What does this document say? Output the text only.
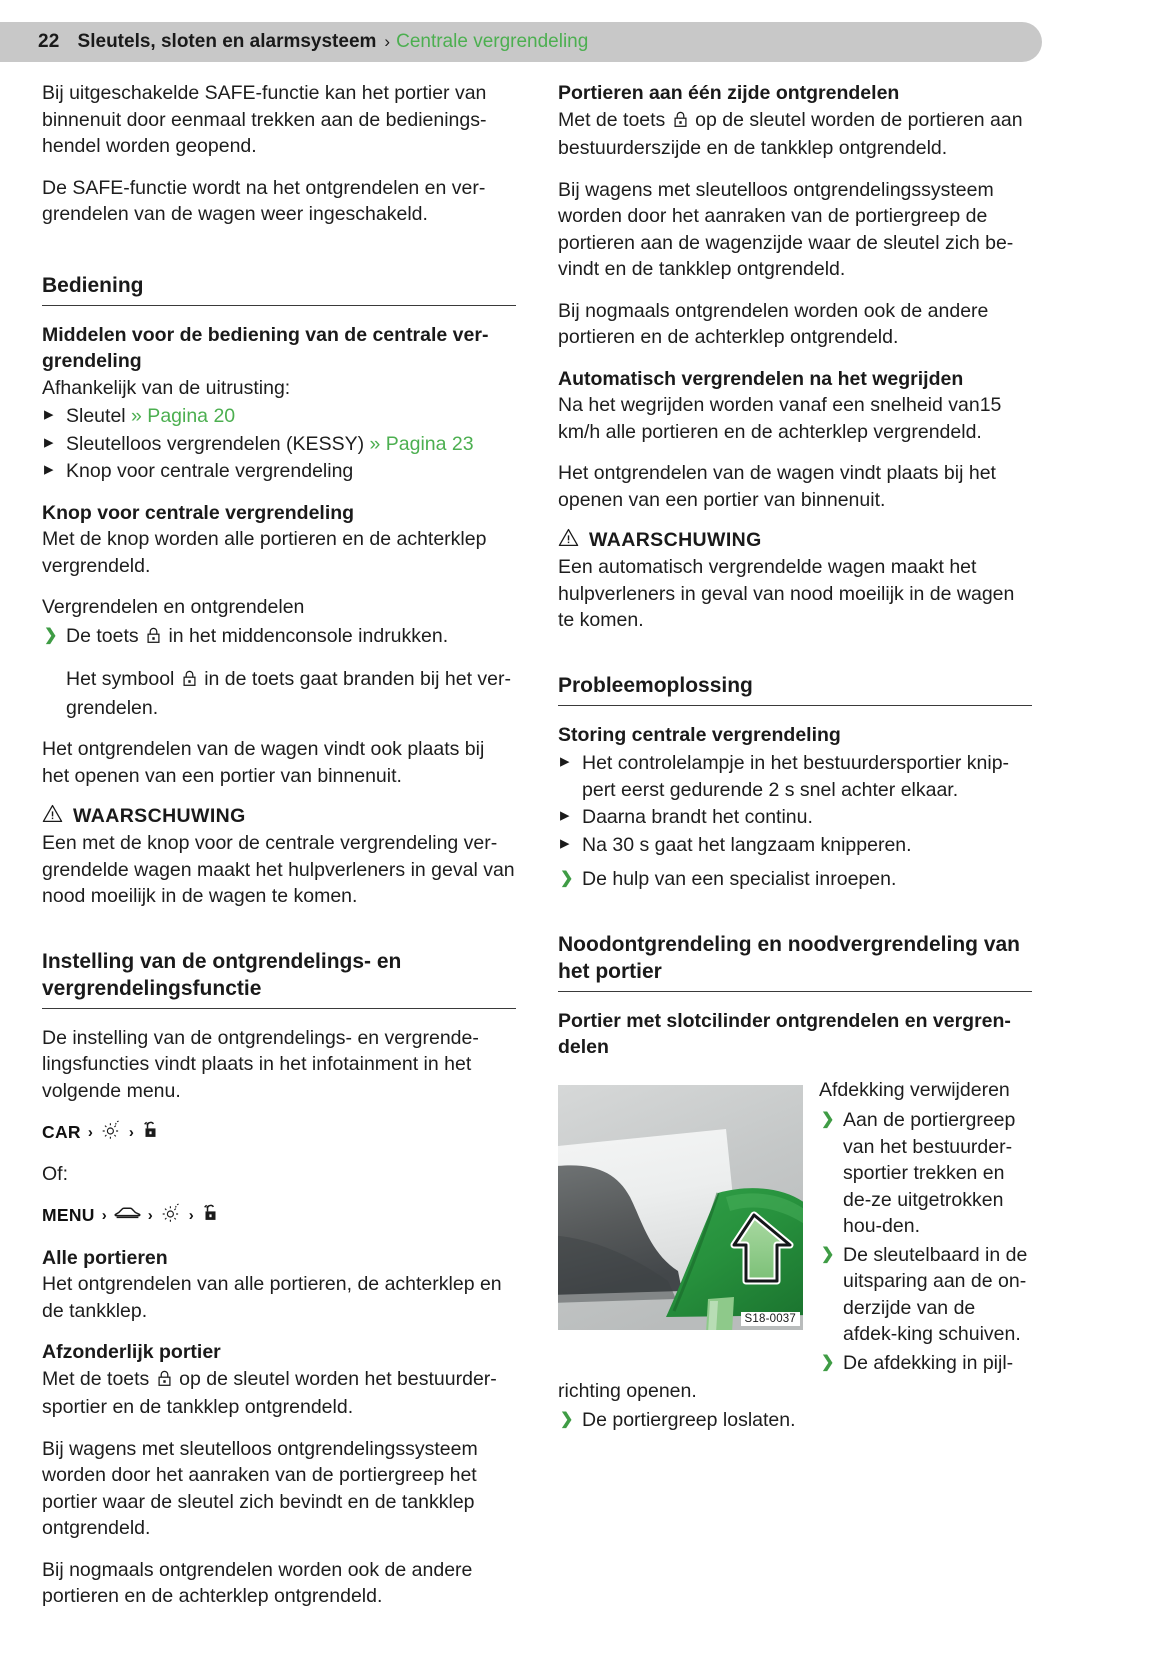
22 Sleutels, sloten en alarmsysteem › Centrale vergrendeling

Bij uitgeschakelde SAFE-functie kan het portier van binnenuit door eenmaal trekken aan de bedienings-hendel worden geopend.

De SAFE-functie wordt na het ontgrendelen en ver-grendelen van de wagen weer ingeschakeld.

Bediening
Middelen voor de bediening van de centrale ver-grendeling

Afhankelijk van de uitrusting:

▸ Sleutel » Pagina 20
▸ Sleutelloos vergrendelen (KESSY) » Pagina 23
▸ Knop voor centrale vergrendeling
Knop voor centrale vergrendeling

Met de knop worden alle portieren en de achterklep vergrendeld.

Vergrendelen en ontgrendelen

❯ De toets  in het middenconsole indrukken.
Het symbool  in de toets gaat branden bij het ver-grendelen.

Het ontgrendelen van de wagen vindt ook plaats bij het openen van een portier van binnenuit.

WAARSCHUWING

Een met de knop voor de centrale vergrendeling ver-grendelde wagen maakt het hulpverleners in geval van nood moeilijk in de wagen te komen.

Instelling van de ontgrendelings- en vergrendelingsfunctie

De instelling van de ontgrendelings- en vergrende-lingsfuncties vindt plaats in het infotainment in het volgende menu.

CAR › ›

Of:

MENU ›	› ›
Alle portieren

Het ontgrendelen van alle portieren, de achterklep en de tankklep.

Afzonderlijk portier

Met de toets  op de sleutel worden het bestuurder-sportier en de tankklep ontgrendeld.

Bij wagens met sleutelloos ontgrendelingssysteem worden door het aanraken van de portiergreep het portier waar de sleutel zich bevindt en de tankklep ontgrendeld.

Bij nogmaals ontgrendelen worden ook de andere portieren en de achterklep ontgrendeld.

Portieren aan één zijde ontgrendelen

Met de toets  op de sleutel worden de portieren aan bestuurderszijde en de tankklep ontgrendeld.

Bij wagens met sleutelloos ontgrendelingssysteem worden door het aanraken van de portiergreep de portieren aan de wagenzijde waar de sleutel zich be-vindt en de tankklep ontgrendeld.

Bij nogmaals ontgrendelen worden ook de andere portieren en de achterklep ontgrendeld.

Automatisch vergrendelen na het wegrijden

Na het wegrijden worden vanaf een snelheid van15 km/h alle portieren en de achterklep vergrendeld.

Het ontgrendelen van de wagen vindt plaats bij het openen van een portier van binnenuit.

WAARSCHUWING

Een automatisch vergrendelde wagen maakt het hulpverleners in geval van nood moeilijk in de wagen te komen.

Probleemoplossing
Storing centrale vergrendeling
▸ Het controlelampje in het bestuurdersportier knip-pert eerst gedurende 2 s snel achter elkaar.
▸ Daarna brandt het continu.
▸ Na 30 s gaat het langzaam knipperen.
❯ De hulp van een specialist inroepen.
Noodontgrendeling en noodvergrendeling van het portier
Portier met slotcilinder ontgrendelen en vergren-delen
S18-0037

Afdekking verwijderen

❯ Aan de portiergreep van het bestuurder-sportier trekken en de-ze uitgetrokken hou-den.
❯ De sleutelbaard in de uitsparing aan de on-derzijde van de afdek-king schuiven.
❯ De afdekking in pijl-

richting openen.

❯ De portiergreep loslaten.
